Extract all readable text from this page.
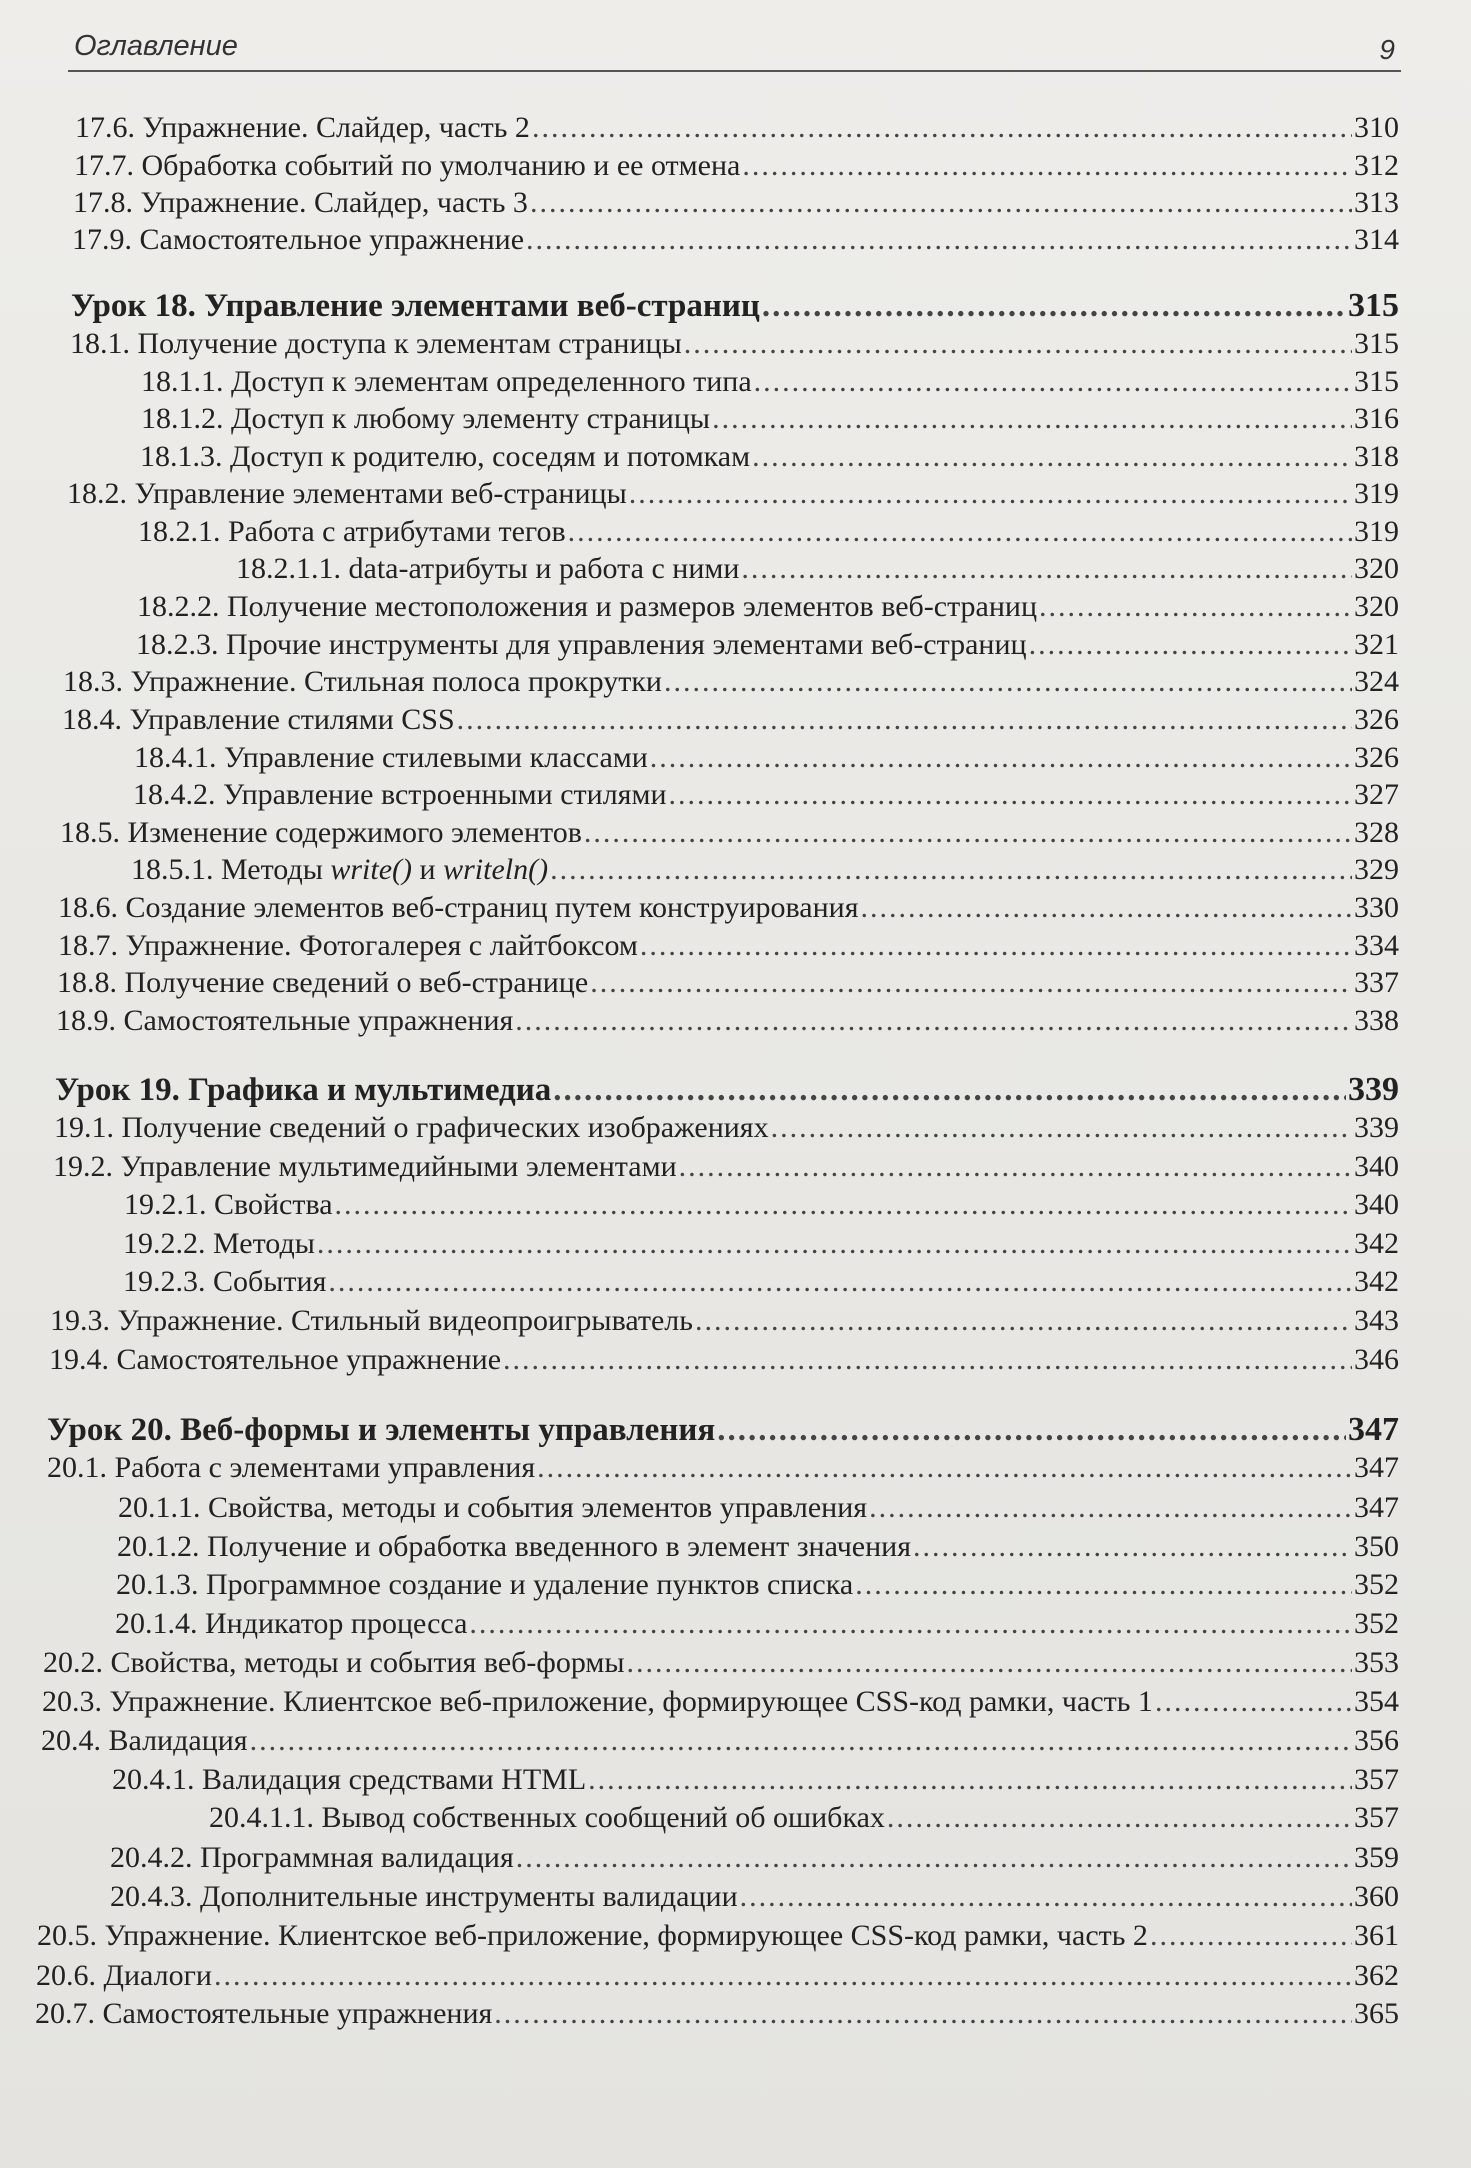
Оглавление	9
17.6. Упражнение. Слайдер, часть 2 .....	310
17.7. Обработка событий по умолчанию и ее отмена .....	312
17.8. Упражнение. Слайдер, часть 3 .....	313
17.9. Самостоятельное упражнение .....	314
Урок 18. Управление элементами веб-страниц .....	315
18.1. Получение доступа к элементам страницы .....	315
18.1.1. Доступ к элементам определенного типа .....	315
18.1.2. Доступ к любому элементу страницы .....	316
18.1.3. Доступ к родителю, соседям и потомкам .....	318
18.2. Управление элементами веб-страницы .....	319
18.2.1. Работа с атрибутами тегов .....	319
18.2.1.1. data-атрибуты и работа с ними .....	320
18.2.2. Получение местоположения и размеров элементов веб-страниц .....	320
18.2.3. Прочие инструменты для управления элементами веб-страниц .....	321
18.3. Упражнение. Стильная полоса прокрутки .....	324
18.4. Управление стилями CSS .....	326
18.4.1. Управление стилевыми классами .....	326
18.4.2. Управление встроенными стилями .....	327
18.5. Изменение содержимого элементов .....	328
18.5.1. Методы write() и writeln() .....	329
18.6. Создание элементов веб-страниц путем конструирования .....	330
18.7. Упражнение. Фотогалерея с лайтбоксом .....	334
18.8. Получение сведений о веб-странице .....	337
18.9. Самостоятельные упражнения .....	338
Урок 19. Графика и мультимедиа .....	339
19.1. Получение сведений о графических изображениях .....	339
19.2. Управление мультимедийными элементами .....	340
19.2.1. Свойства .....	340
19.2.2. Методы .....	342
19.2.3. События .....	342
19.3. Упражнение. Стильный видеопроигрыватель .....	343
19.4. Самостоятельное упражнение .....	346
Урок 20. Веб-формы и элементы управления .....	347
20.1. Работа с элементами управления .....	347
20.1.1. Свойства, методы и события элементов управления .....	347
20.1.2. Получение и обработка введенного в элемент значения .....	350
20.1.3. Программное создание и удаление пунктов списка .....	352
20.1.4. Индикатор процесса .....	352
20.2. Свойства, методы и события веб-формы .....	353
20.3. Упражнение. Клиентское веб-приложение, формирующее CSS-код рамки, часть 1 .....	354
20.4. Валидация .....	356
20.4.1. Валидация средствами HTML .....	357
20.4.1.1. Вывод собственных сообщений об ошибках .....	357
20.4.2. Программная валидация .....	359
20.4.3. Дополнительные инструменты валидации .....	360
20.5. Упражнение. Клиентское веб-приложение, формирующее CSS-код рамки, часть 2 .....	361
20.6. Диалоги .....	362
20.7. Самостоятельные упражнения .....	365
